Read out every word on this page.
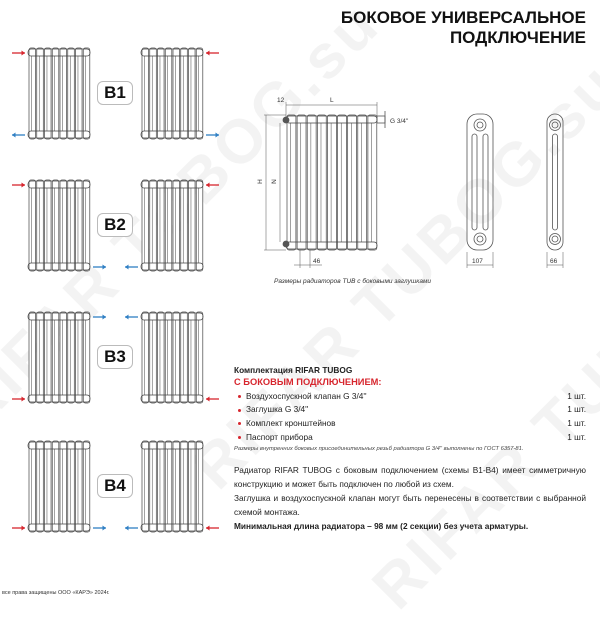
БОКОВОЕ УНИВЕРСАЛЬНОЕ
ПОДКЛЮЧЕНИЕ
B1
B2
B3
B4
12	L
G 3/4''
H N
46	107	66
Размеры радиаторов TUB с боковыми заглушками
Комплектация RIFAR TUBOG
С БОКОВЫМ ПОДКЛЮЧЕНИЕМ:
Воздухоспускной клапан G 3/4''	1 шт.
Заглушка G 3/4''	1 шт.
Комплект кронштейнов	1 шт.
Паспорт прибора	1 шт.
Размеры внутренних боковых присоединительных резьб радиатора G 3/4'' выполнены по ГОСТ 6357-81.
Радиатор RIFAR TUBOG с боковым подключением (схемы B1-B4) имеет симметричную конструкцию и может быть подключен по любой из схем.
Заглушка и воздухоспускной клапан могут быть перенесены в соответствии с выбранной схемой монтажа.
Минимальная длина радиатора – 98 мм (2 секции) без учета арматуры.
все права защищены ООО «КАРЭ» 2024г.
